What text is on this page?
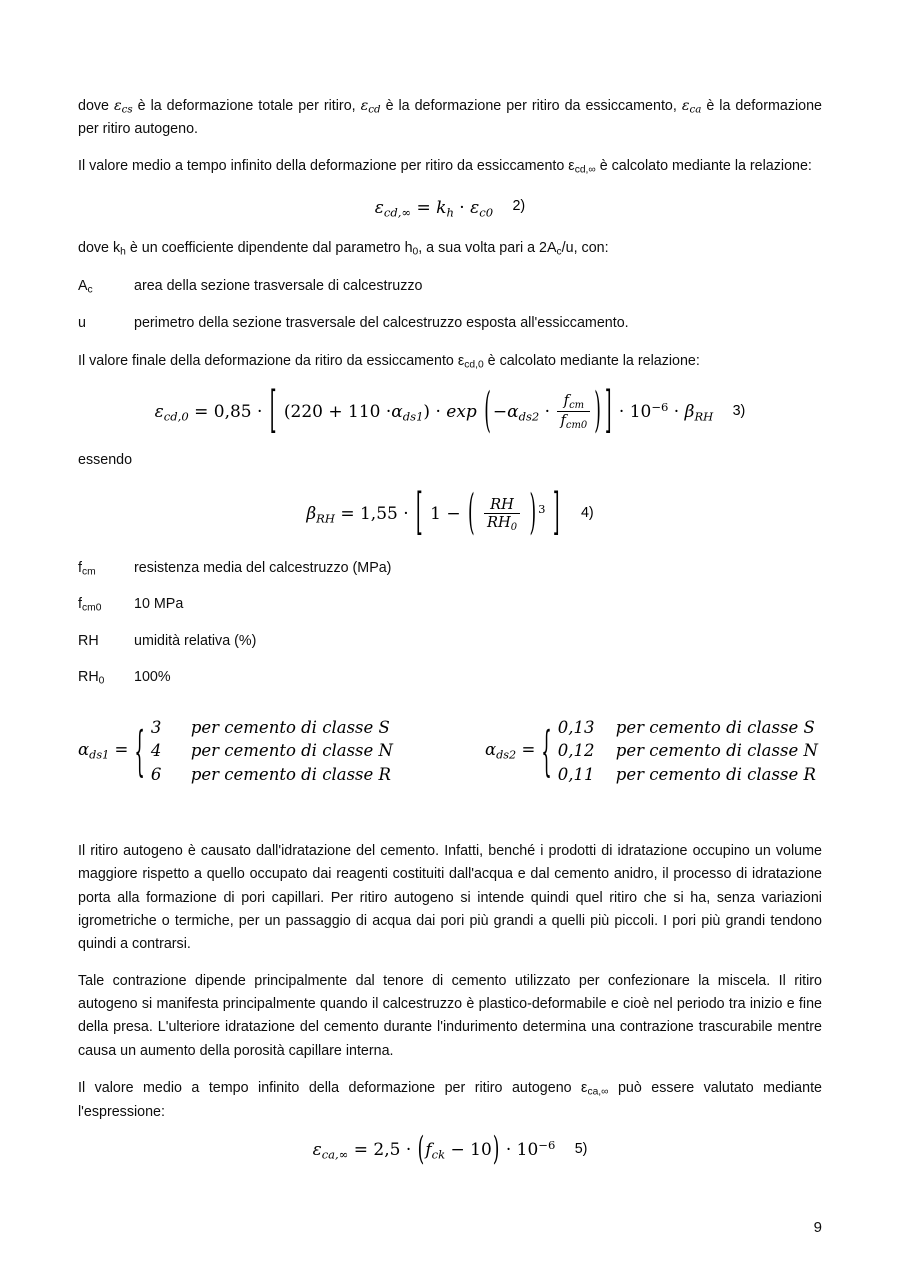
dove $\varepsilon_{cs}$ è la deformazione totale per ritiro, $\varepsilon_{cd}$ è la deformazione per ritiro da essiccamento, $\varepsilon_{ca}$ è la deformazione per ritiro autogeno.

Il valore medio a tempo infinito della deformazione per ritiro da essiccamento $\varepsilon_{cd,\infty}$ è calcolato mediante la relazione:

$\varepsilon_{cd,\infty} = k_h \cdot \varepsilon_{c0}$ 2)

dove $k_h$ è un coefficiente dipendente dal parametro $h_0$, a sua volta pari a $2A_c/u$, con:

$A_c$	area della sezione trasversale di calcestruzzo
u	perimetro della sezione trasversale del calcestruzzo esposta all'essiccamento.

Il valore finale della deformazione da ritiro da essiccamento $\varepsilon_{cd,0}$ è calcolato mediante la relazione:

$\varepsilon_{cd,0} = 0,85$ · [ $(220 + 110 \cdot\alpha_{ds1}) \cdot \exp$ ( $-\alpha_{ds2} \cdot \frac{f_{cm}}{f_{cm0}}$ ) ] · $10^{-6} \cdot \beta_{RH}$ 3)

essendo

$\beta_{RH} = 1,55$ · [ 1 − ( $\frac{RH}{RH_0}$ ) $^3$ ] 4)
$f_{cm}$	resistenza media del calcestruzzo (MPa)
$f_{cm0}$	10 MPa
RH	umidità relativa (%)
$RH_0$	100%
$\alpha_{ds1}$ = { 3	per cemento di classe S
4	per cemento di classe N
6	per cemento di classe R
$\alpha_{ds2}$ = { 0,13	per cemento di classe S
0,12	per cemento di classe N
0,11	per cemento di classe R

Il ritiro autogeno è causato dall'idratazione del cemento. Infatti, benché i prodotti di idratazione occupino un volume maggiore rispetto a quello occupato dai reagenti costituiti dall'acqua e dal cemento anidro, il processo di idratazione porta alla formazione di pori capillari. Per ritiro autogeno si intende quindi quel ritiro che si ha, senza variazioni igrometriche o termiche, per un passaggio di acqua dai pori più grandi a quelli più piccoli. I pori più grandi tendono quindi a contrarsi.

Tale contrazione dipende principalmente dal tenore di cemento utilizzato per confezionare la miscela. Il ritiro autogeno si manifesta principalmente quando il calcestruzzo è plastico-deformabile e cioè nel periodo tra inizio e fine della presa. L'ulteriore idratazione del cemento durante l'indurimento determina una contrazione trascurabile mentre causa un aumento della porosità capillare interna.

Il valore medio a tempo infinito della deformazione per ritiro autogeno $\varepsilon_{ca,\infty}$ può essere valutato mediante l'espressione:

$\varepsilon_{ca,\infty} = 2,5 \cdot (f_{ck} - 10) \cdot 10^{-6}$ 5)
9
